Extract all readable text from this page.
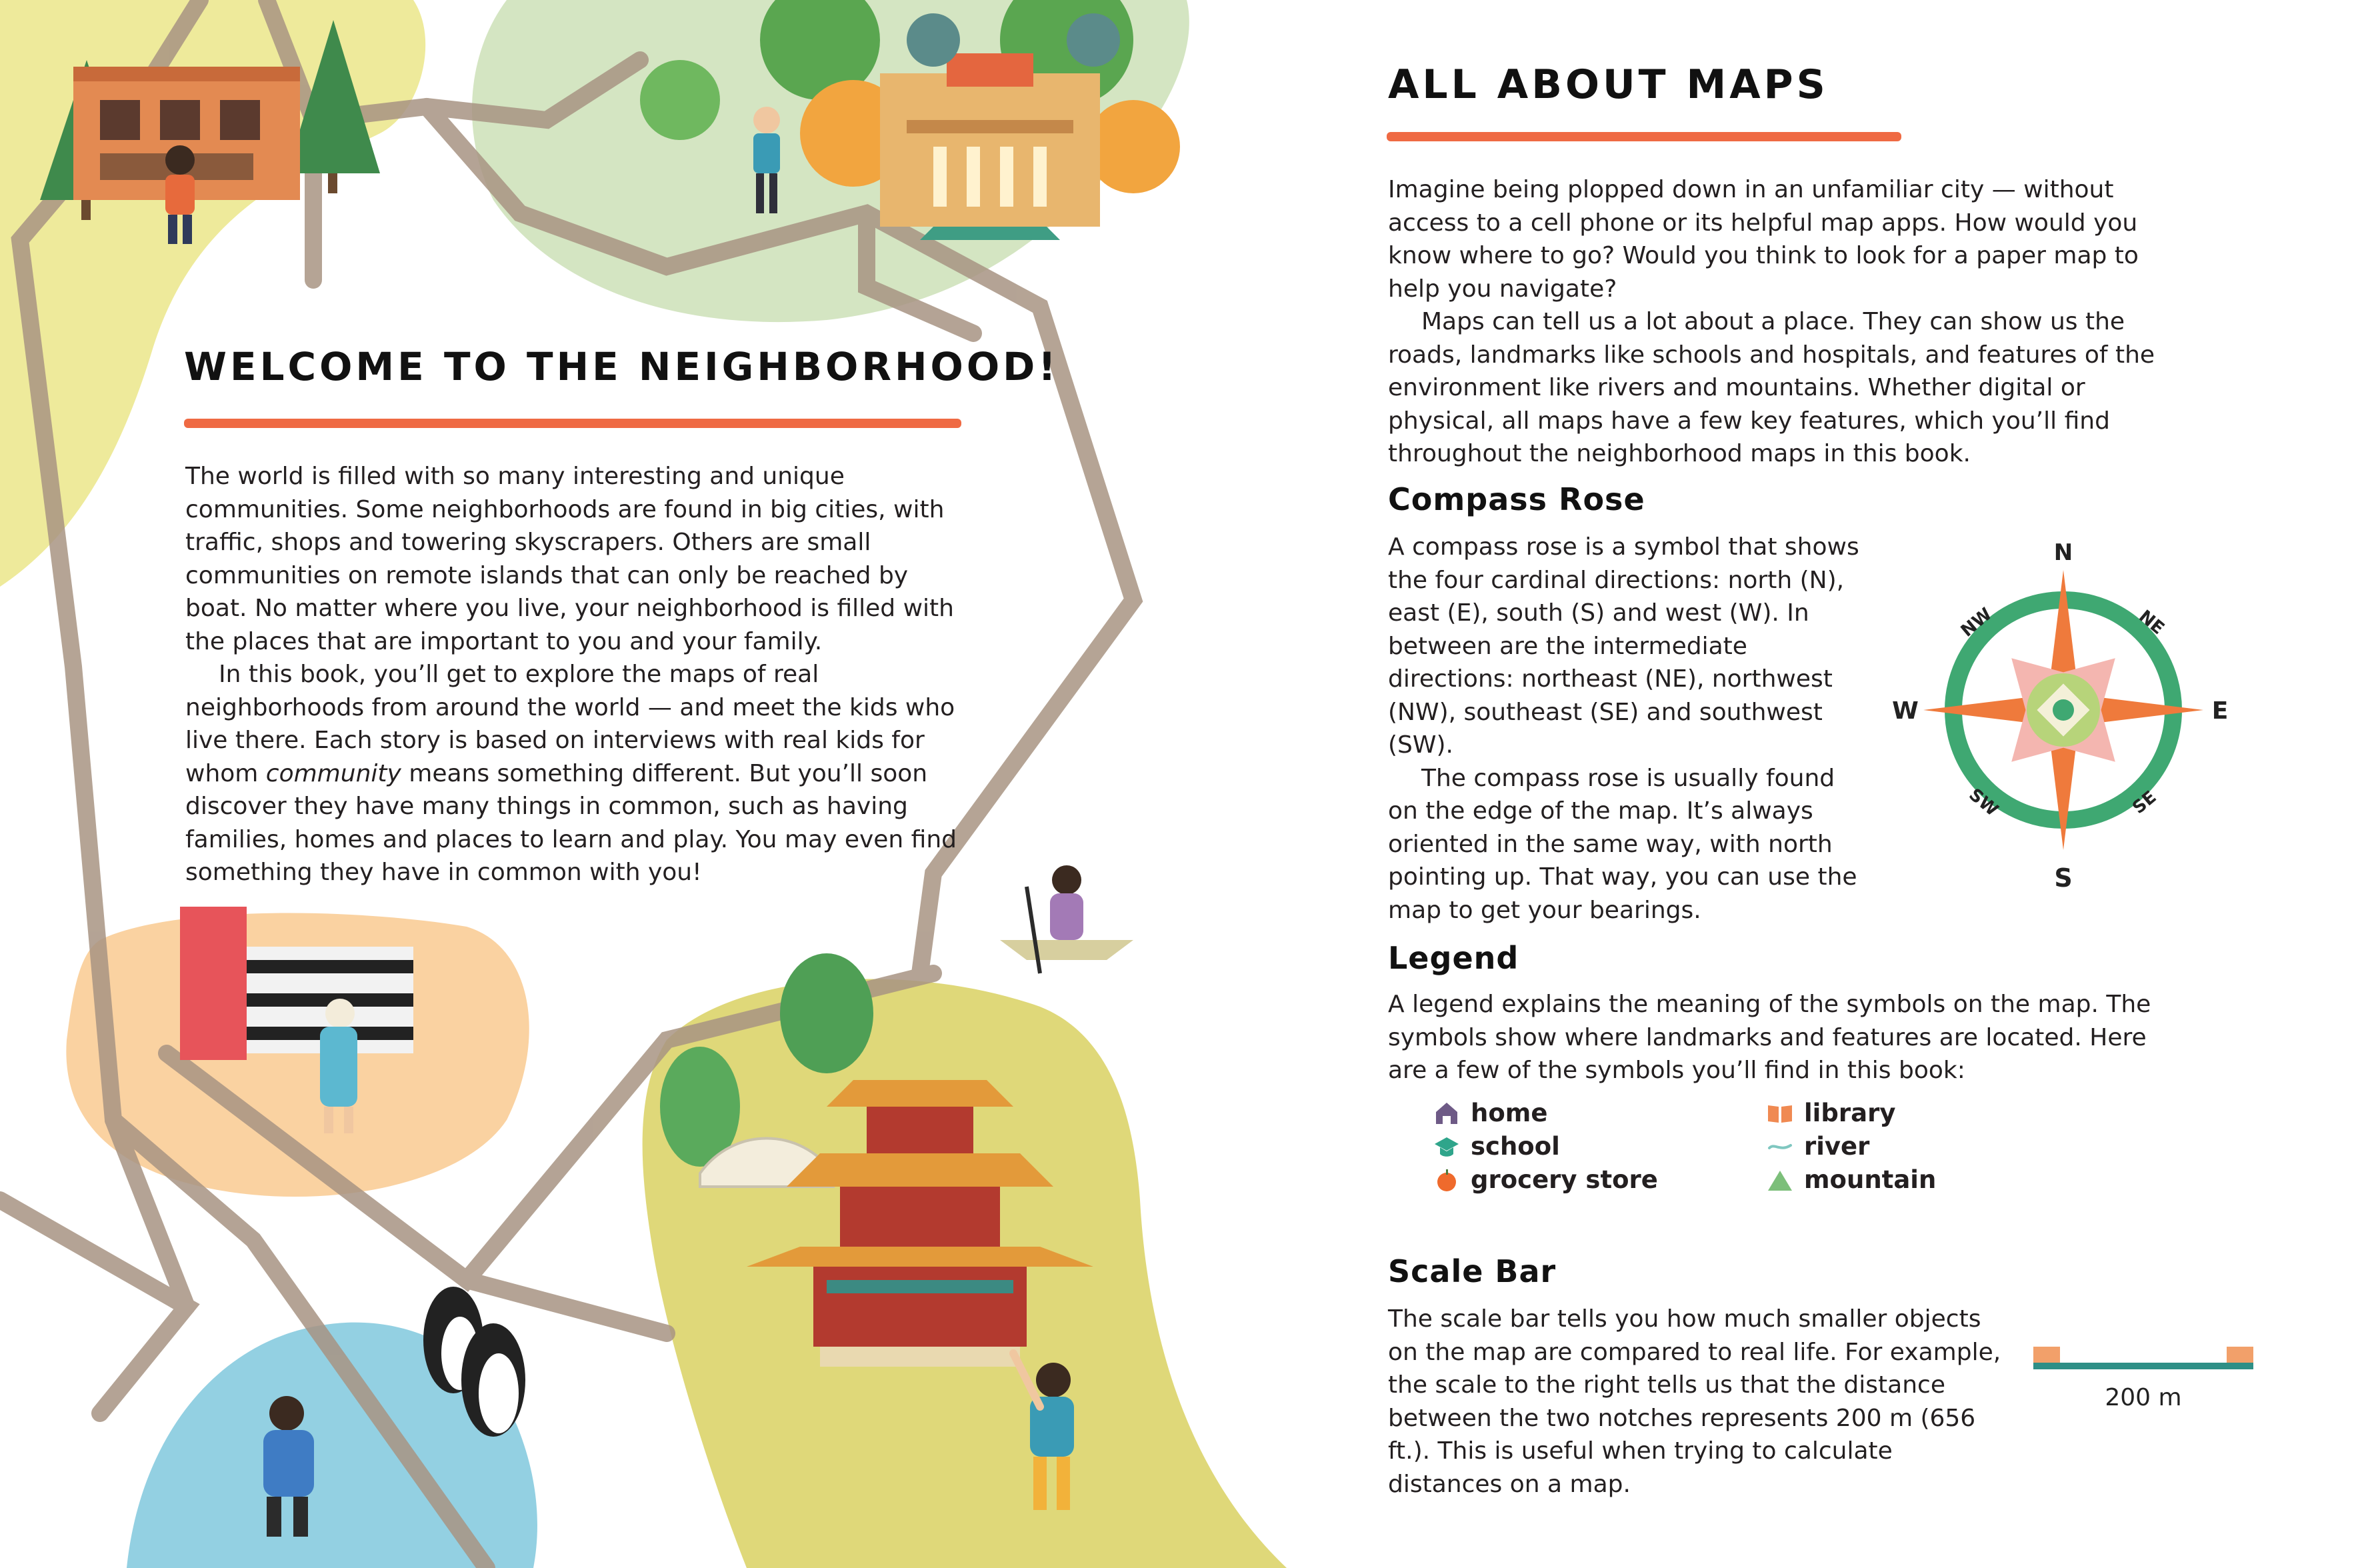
WELCOME TO THE NEIGHBORHOOD!

The world is filled with so many interesting and unique communities. Some neighborhoods are found in big cities, with traffic, shops and towering skyscrapers. Others are small communities on remote islands that can only be reached by boat. No matter where you live, your neighborhood is filled with the places that are important to you and your family.

In this book, you’ll get to explore the maps of real neighborhoods from around the world — and meet the kids who live there. Each story is based on interviews with real kids for whom community means something different. But you’ll soon discover they have many things in common, such as having families, homes and places to learn and play. You may even find something they have in common with you!

ALL ABOUT MAPS

Imagine being plopped down in an unfamiliar city — without access to a cell phone or its helpful map apps. How would you know where to go? Would you think to look for a paper map to help you navigate?

Maps can tell us a lot about a place. They can show us the roads, landmarks like schools and hospitals, and features of the environment like rivers and mountains. Whether digital or physical, all maps have a few key features, which you’ll find throughout the neighborhood maps in this book.

Compass Rose

A compass rose is a symbol that shows the four cardinal directions: north (N), east (E), south (S) and west (W). In between are the intermediate directions: northeast (NE), northwest (NW), southeast (SE) and southwest (SW).

The compass rose is usually found on the edge of the map. It’s always oriented in the same way, with north pointing up. That way, you can use the map to get your bearings.

N
S
E
W
NW	NE
SW	SE
Legend

A legend explains the meaning of the symbols on the map. The symbols show where landmarks and features are located. Here are a few of the symbols you’ll find in this book:

home
school
grocery store
library
river
mountain
Scale Bar

The scale bar tells you how much smaller objects on the map are compared to real life. For example, the scale to the right tells us that the distance between the two notches represents 200 m (656 ft.). This is useful when trying to calculate distances on a map.

200 m
